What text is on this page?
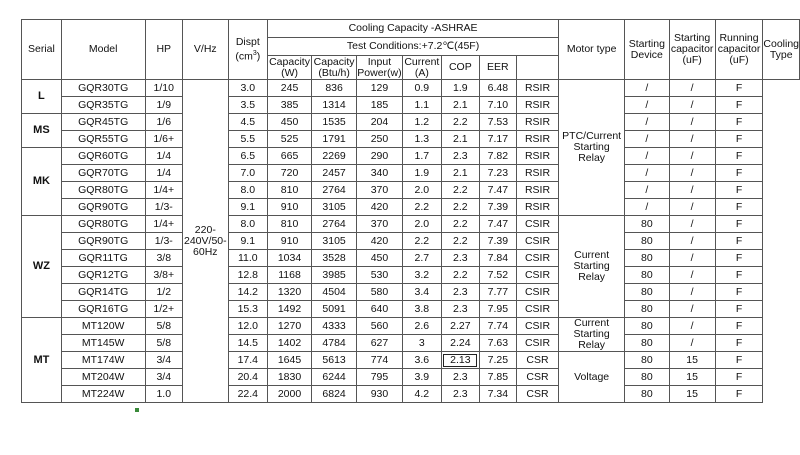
Serial	Model	HP	V/Hz	Dispt
$(cm^3)$	Cooling Capacity -ASHRAE							Motor type	Starting Device	Starting capacitor (uF)	Running capacitor (uF)	Cooling Type
					Test Conditions:+7.2℃(45F)											
					Capacity (W)	Capacity (Btu/h)	Input Power(w)	Current (A)	COP	EER						
L	GQR30TG	1/10	220-240V/50-60Hz	3.0	245	836	129	0.9	1.9	6.48	RSIR	PTC/Current Starting Relay	/	/	F	
	GQR35TG	1/9		3.5	385	1314	185	1.1	2.1	7.10	RSIR		/	/	F	
MS	GQR45TG	1/6		4.5	450	1535	204	1.2	2.2	7.53	RSIR		/	/	F	
	GQR55TG	1/6+		5.5	525	1791	250	1.3	2.1	7.17	RSIR		/	/	F	
MK	GQR60TG	1/4		6.5	665	2269	290	1.7	2.3	7.82	RSIR		/	/	F	
	GQR70TG	1/4		7.0	720	2457	340	1.9	2.1	7.23	RSIR		/	/	F	
	GQR80TG	1/4+		8.0	810	2764	370	2.0	2.2	7.47	RSIR		/	/	F	
	GQR90TG	1/3-		9.1	910	3105	420	2.2	2.2	7.39	RSIR		/	/	F	
WZ	GQR80TG	1/4+		8.0	810	2764	370	2.0	2.2	7.47	CSIR	Current Starting Relay	80	/	F	
	GQR90TG	1/3-		9.1	910	3105	420	2.2	2.2	7.39	CSIR		80	/	F	
	GQR11TG	3/8		11.0	1034	3528	450	2.7	2.3	7.84	CSIR		80	/	F	
	GQR12TG	3/8+		12.8	1168	3985	530	3.2	2.2	7.52	CSIR		80	/	F	
	GQR14TG	1/2		14.2	1320	4504	580	3.4	2.3	7.77	CSIR		80	/	F	
	GQR16TG	1/2+		15.3	1492	5091	640	3.8	2.3	7.95	CSIR		80	/	F	
MT	MT120W	5/8		12.0	1270	4333	560	2.6	2.27	7.74	CSIR	Current Starting Relay	80	/	F	
	MT145W	5/8		14.5	1402	4784	627	3	2.24	7.63	CSIR		80	/	F	
	MT174W	3/4		17.4	1645	5613	774	3.6	2.13	7.25	CSR	Voltage	80	15	F	
	MT204W	3/4		20.4	1830	6244	795	3.9	2.3	7.85	CSR		80	15	F	
	MT224W	1.0		22.4	2000	6824	930	4.2	2.3	7.34	CSR		80	15	F	
